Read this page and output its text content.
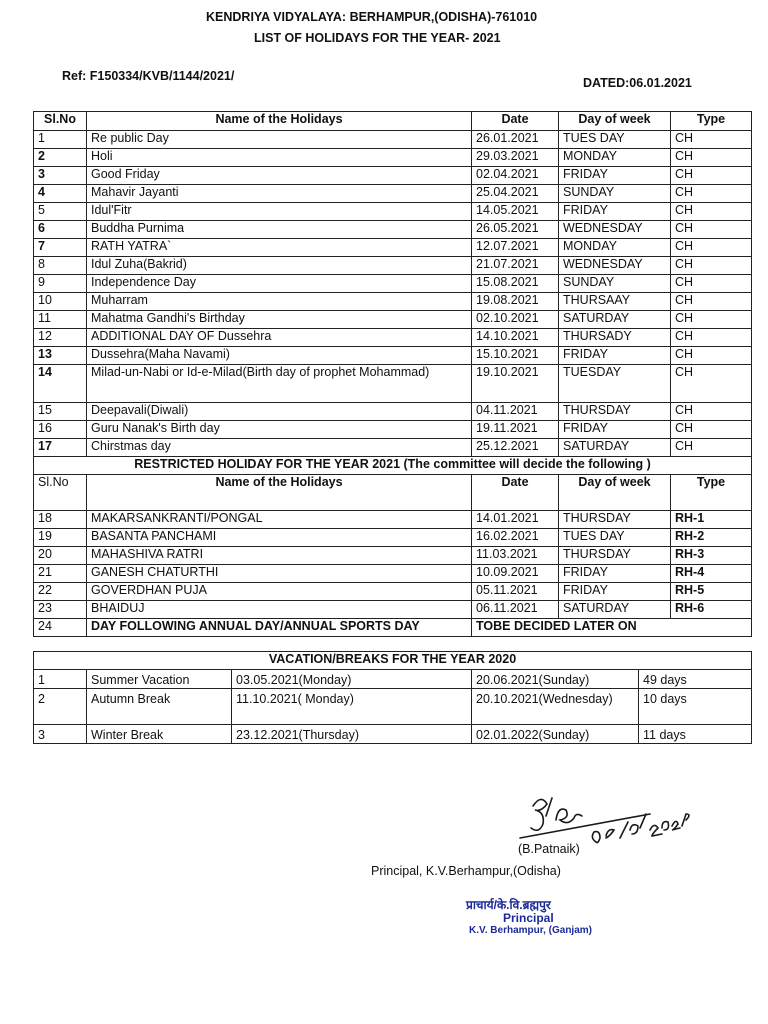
KENDRIYA VIDYALAYA: BERHAMPUR,(ODISHA)-761010
LIST OF HOLIDAYS FOR THE YEAR- 2021
Ref: F150334/KVB/1144/2021/	DATED:06.01.2021
Sl.No	Name of the Holidays	Date	Day of week	Type
1	Re public Day	26.01.2021	TUES DAY	CH
2	Holi	29.03.2021	MONDAY	CH
3	Good Friday	02.04.2021	FRIDAY	CH
4	Mahavir Jayanti	25.04.2021	SUNDAY	CH
5	Idul'Fitr	14.05.2021	FRIDAY	CH
6	Buddha Purnima	26.05.2021	WEDNESDAY	CH
7	RATH YATRA`	12.07.2021	MONDAY	CH
8	Idul Zuha(Bakrid)	21.07.2021	WEDNESDAY	CH
9	Independence Day	15.08.2021	SUNDAY	CH
10	Muharram	19.08.2021	THURSAAY	CH
11	Mahatma Gandhi's Birthday	02.10.2021	SATURDAY	CH
12	ADDITIONAL DAY OF Dussehra	14.10.2021	THURSADY	CH
13	Dussehra(Maha Navami)	15.10.2021	FRIDAY	CH
14	Milad-un-Nabi or Id-e-Milad(Birth day of prophet Mohammad)	19.10.2021	TUESDAY	CH
15	Deepavali(Diwali)	04.11.2021	THURSDAY	CH
16	Guru Nanak's Birth day	19.11.2021	FRIDAY	CH
17	Chirstmas day	25.12.2021	SATURDAY	CH
RESTRICTED HOLIDAY FOR THE YEAR 2021 (The committee will decide the following )				
Sl.No	Name of the Holidays	Date	Day of week	Type
18	MAKARSANKRANTI/PONGAL	14.01.2021	THURSDAY	RH-1
19	BASANTA PANCHAMI	16.02.2021	TUES DAY	RH-2
20	MAHASHIVA RATRI	11.03.2021	THURSDAY	RH-3
21	GANESH CHATURTHI	10.09.2021	FRIDAY	RH-4
22	GOVERDHAN PUJA	05.11.2021	FRIDAY	RH-5
23	BHAIDUJ	06.11.2021	SATURDAY	RH-6
24	DAY FOLLOWING ANNUAL DAY/ANNUAL SPORTS DAY	TOBE DECIDED LATER ON		
VACATION/BREAKS FOR THE YEAR 2020				
1	Summer Vacation	03.05.2021(Monday)	20.06.2021(Sunday)	49 days
2	Autumn Break	11.10.2021( Monday)	20.10.2021(Wednesday)	10 days
3	Winter Break	23.12.2021(Thursday)	02.01.2022(Sunday)	11 days
(B.Patnaik)
Principal, K.V.Berhampur,(Odisha)
प्राचार्य/के.वि.ब्रह्मपुर
Principal
K.V. Berhampur, (Ganjam)
